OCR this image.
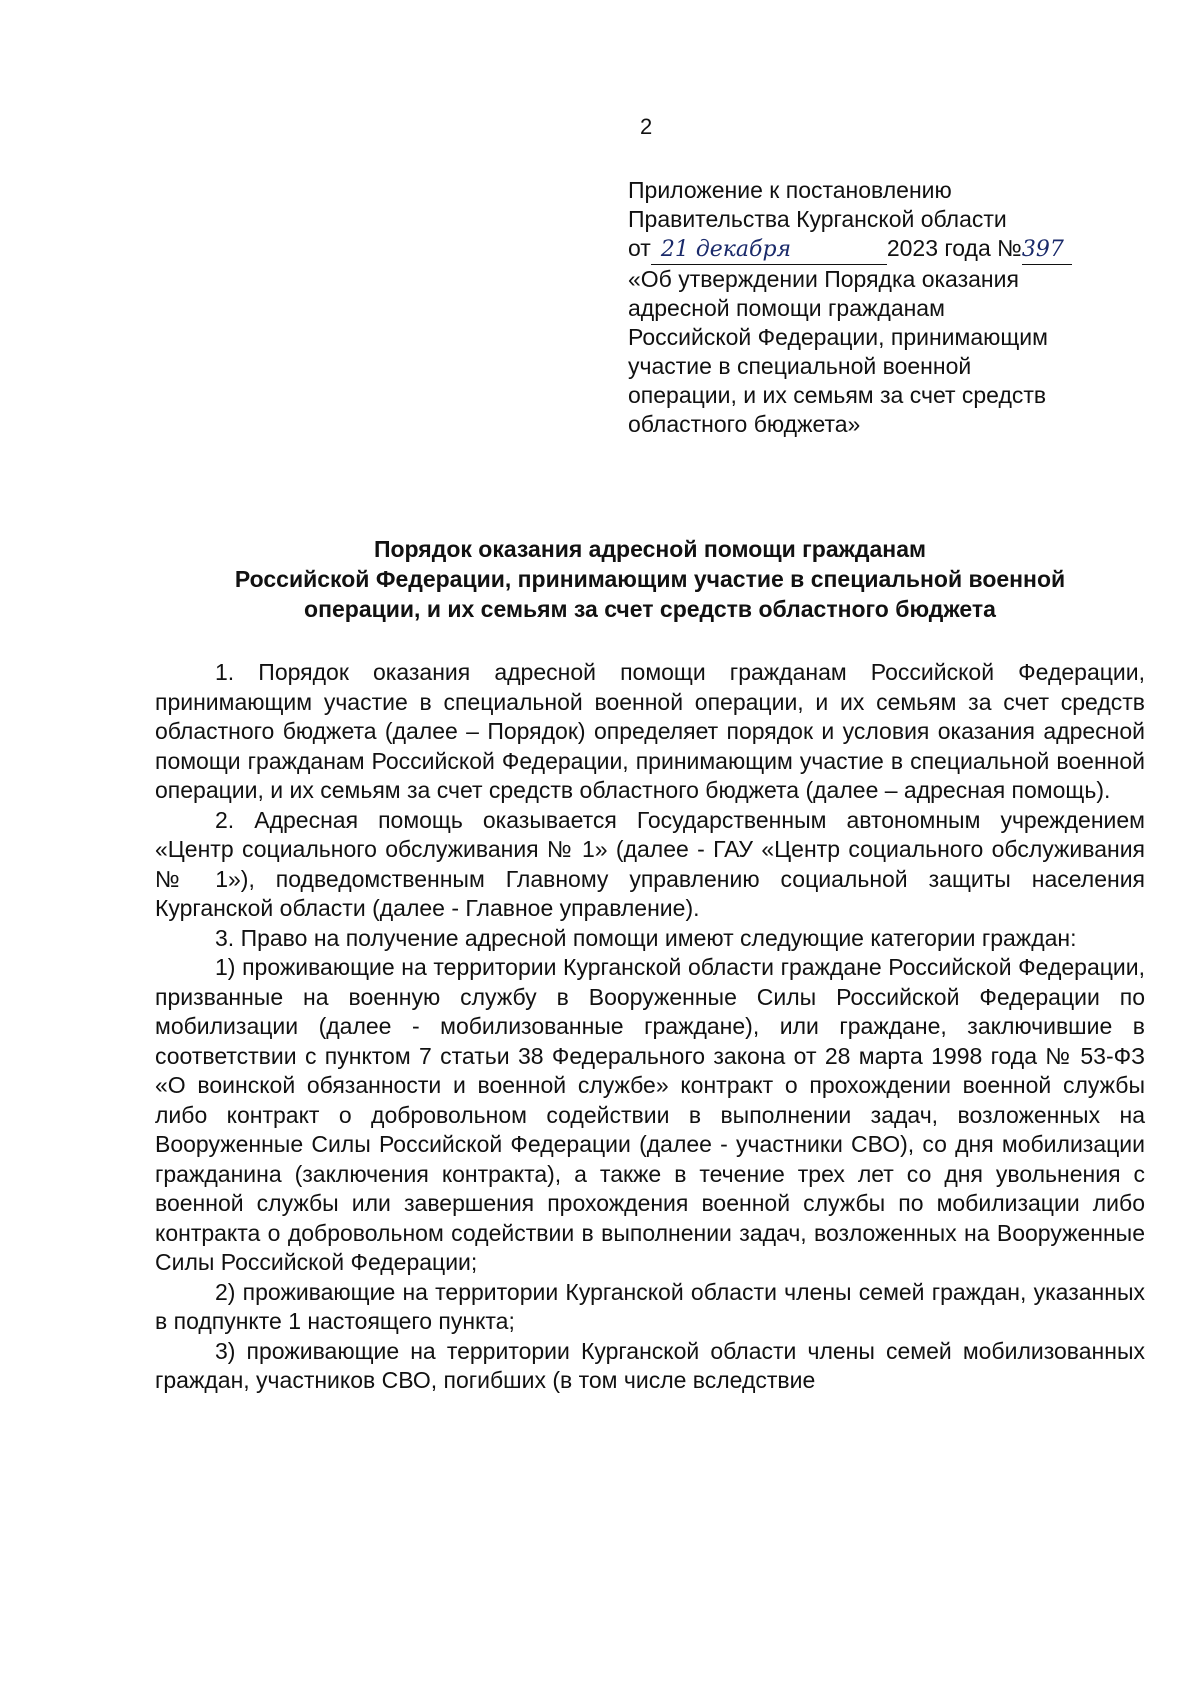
2
Приложение к постановлению
Правительства Курганской области
от 21 декабря	2023 года №397
«Об утверждении Порядка оказания
адресной помощи гражданам
Российской Федерации, принимающим
участие в специальной военной
операции, и их семьям за счет средств
областного бюджета»
Порядок оказания адресной помощи гражданам
Российской Федерации, принимающим участие в специальной военной
операции, и их семьям за счет средств областного бюджета

1. Порядок оказания адресной помощи гражданам Российской Федерации, принимающим участие в специальной военной операции, и их семьям за счет средств областного бюджета (далее – Порядок) определяет порядок и условия оказания адресной помощи гражданам Российской Федерации, принимающим участие в специальной военной операции, и их семьям за счет средств областного бюджета (далее – адресная помощь).

2. Адресная помощь оказывается Государственным автономным учреждением «Центр социального обслуживания № 1» (далее - ГАУ «Центр социального обслуживания № 1»), подведомственным Главному управлению социальной защиты населения Курганской области (далее - Главное управление).

3. Право на получение адресной помощи имеют следующие категории граждан:

1) проживающие на территории Курганской области граждане Российской Федерации, призванные на военную службу в Вооруженные Силы Российской Федерации по мобилизации (далее - мобилизованные граждане), или граждане, заключившие в соответствии с пунктом 7 статьи 38 Федерального закона от 28 марта 1998 года № 53-ФЗ «О воинской обязанности и военной службе» контракт о прохождении военной службы либо контракт о добровольном содействии в выполнении задач, возложенных на Вооруженные Силы Российской Федерации (далее - участники СВО), со дня мобилизации гражданина (заключения контракта), а также в течение трех лет со дня увольнения с военной службы или завершения прохождения военной службы по мобилизации либо контракта о добровольном содействии в выполнении задач, возложенных на Вооруженные Силы Российской Федерации;

2) проживающие на территории Курганской области члены семей граждан, указанных в подпункте 1 настоящего пункта;

3) проживающие на территории Курганской области члены семей мобилизованных граждан, участников СВО, погибших (в том числе вследствие
